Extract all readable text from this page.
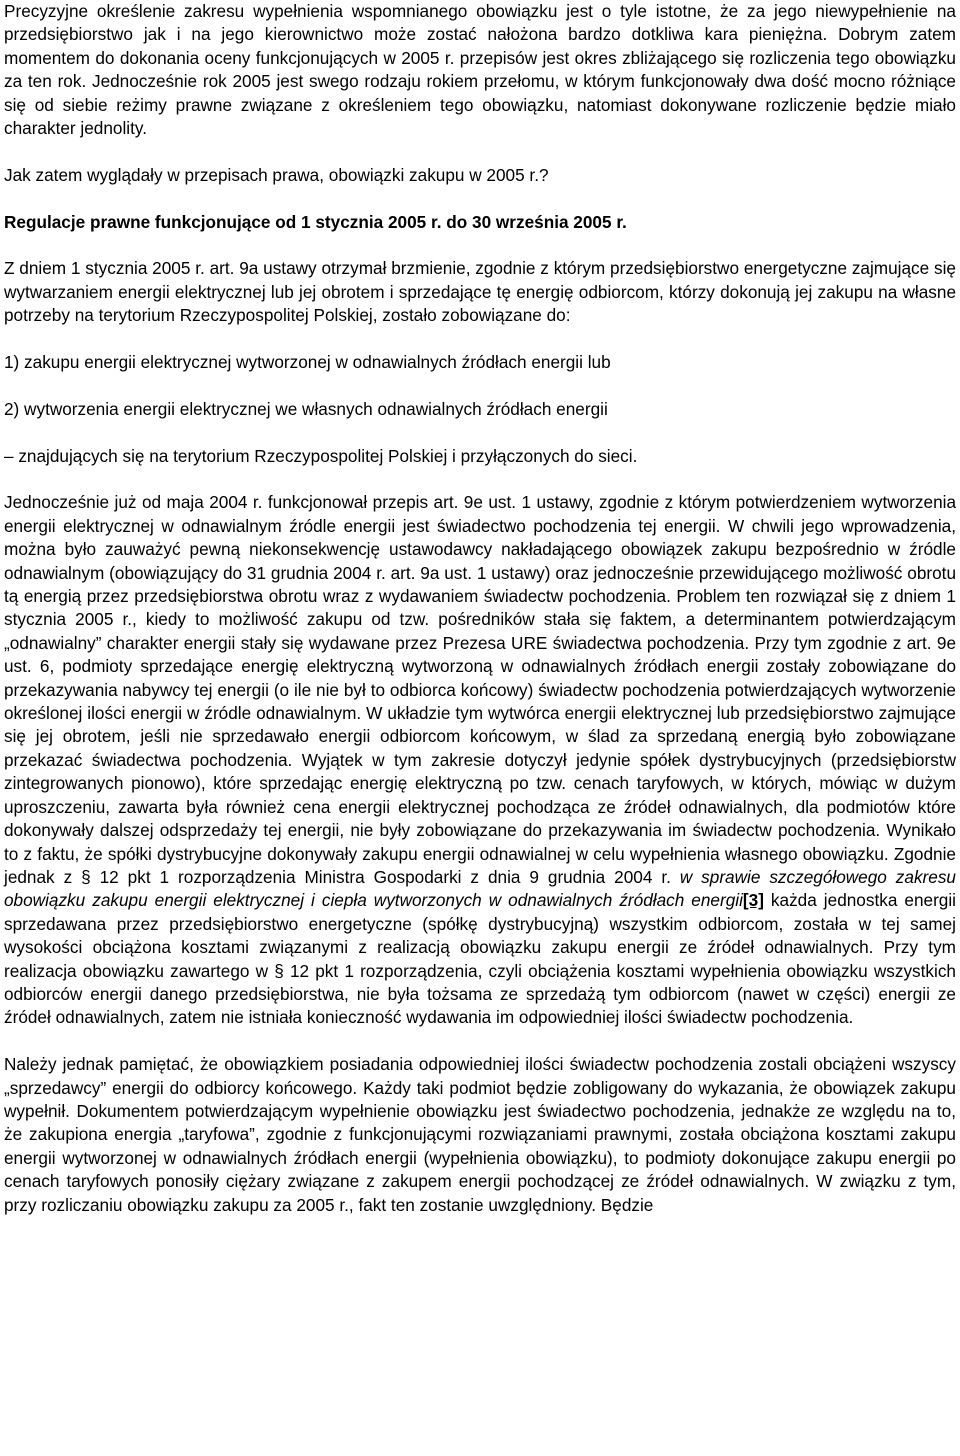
Precyzyjne określenie zakresu wypełnienia wspomnianego obowiązku jest o tyle istotne, że za jego niewypełnienie na przedsiębiorstwo jak i na jego kierownictwo może zostać nałożona bardzo dotkliwa kara pieniężna. Dobrym zatem momentem do dokonania oceny funkcjonujących w 2005 r. przepisów jest okres zbliżającego się rozliczenia tego obowiązku za ten rok. Jednocześnie rok 2005 jest swego rodzaju rokiem przełomu, w którym funkcjonowały dwa dość mocno różniące się od siebie reżimy prawne związane z określeniem tego obowiązku, natomiast dokonywane rozliczenie będzie miało charakter jednolity.

Jak zatem wyglądały w przepisach prawa, obowiązki zakupu w 2005 r.?

Regulacje prawne funkcjonujące od 1 stycznia 2005 r. do 30 września 2005 r.

Z dniem 1 stycznia 2005 r. art. 9a ustawy otrzymał brzmienie, zgodnie z którym przedsiębiorstwo energetyczne zajmujące się wytwarzaniem energii elektrycznej lub jej obrotem i sprzedające tę energię odbiorcom, którzy dokonują jej zakupu na własne potrzeby na terytorium Rzeczypospolitej Polskiej, zostało zobowiązane do:

1) zakupu energii elektrycznej wytworzonej w odnawialnych źródłach energii lub

2) wytworzenia energii elektrycznej we własnych odnawialnych źródłach energii

– znajdujących się na terytorium Rzeczypospolitej Polskiej i przyłączonych do sieci.

Jednocześnie już od maja 2004 r. funkcjonował przepis art. 9e ust. 1 ustawy, zgodnie z którym potwierdzeniem wytworzenia energii elektrycznej w odnawialnym źródle energii jest świadectwo pochodzenia tej energii. W chwili jego wprowadzenia, można było zauważyć pewną niekonsekwencję ustawodawcy nakładającego obowiązek zakupu bezpośrednio w źródle odnawialnym (obowiązujący do 31 grudnia 2004 r. art. 9a ust. 1 ustawy) oraz jednocześnie przewidującego możliwość obrotu tą energią przez przedsiębiorstwa obrotu wraz z wydawaniem świadectw pochodzenia. Problem ten rozwiązał się z dniem 1 stycznia 2005 r., kiedy to możliwość zakupu od tzw. pośredników stała się faktem, a determinantem potwierdzającym „odnawialny” charakter energii stały się wydawane przez Prezesa URE świadectwa pochodzenia. Przy tym zgodnie z art. 9e ust. 6, podmioty sprzedające energię elektryczną wytworzoną w odnawialnych źródłach energii zostały zobowiązane do przekazywania nabywcy tej energii (o ile nie był to odbiorca końcowy) świadectw pochodzenia potwierdzających wytworzenie określonej ilości energii w źródle odnawialnym. W układzie tym wytwórca energii elektrycznej lub przedsiębiorstwo zajmujące się jej obrotem, jeśli nie sprzedawało energii odbiorcom końcowym, w ślad za sprzedaną energią było zobowiązane przekazać świadectwa pochodzenia. Wyjątek w tym zakresie dotyczył jedynie spółek dystrybucyjnych (przedsiębiorstw zintegrowanych pionowo), które sprzedając energię elektryczną po tzw. cenach taryfowych, w których, mówiąc w dużym uproszczeniu, zawarta była również cena energii elektrycznej pochodząca ze źródeł odnawialnych, dla podmiotów które dokonywały dalszej odsprzedaży tej energii, nie były zobowiązane do przekazywania im świadectw pochodzenia. Wynikało to z faktu, że spółki dystrybucyjne dokonywały zakupu energii odnawialnej w celu wypełnienia własnego obowiązku. Zgodnie jednak z § 12 pkt 1 rozporządzenia Ministra Gospodarki z dnia 9 grudnia 2004 r. w sprawie szczegółowego zakresu obowiązku zakupu energii elektrycznej i ciepła wytworzonych w odnawialnych źródłach energii[3] każda jednostka energii sprzedawana przez przedsiębiorstwo energetyczne (spółkę dystrybucyjną) wszystkim odbiorcom, została w tej samej wysokości obciążona kosztami związanymi z realizacją obowiązku zakupu energii ze źródeł odnawialnych. Przy tym realizacja obowiązku zawartego w § 12 pkt 1 rozporządzenia, czyli obciążenia kosztami wypełnienia obowiązku wszystkich odbiorców energii danego przedsiębiorstwa, nie była tożsama ze sprzedażą tym odbiorcom (nawet w części) energii ze źródeł odnawialnych, zatem nie istniała konieczność wydawania im odpowiedniej ilości świadectw pochodzenia.

Należy jednak pamiętać, że obowiązkiem posiadania odpowiedniej ilości świadectw pochodzenia zostali obciążeni wszyscy „sprzedawcy” energii do odbiorcy końcowego. Każdy taki podmiot będzie zobligowany do wykazania, że obowiązek zakupu wypełnił. Dokumentem potwierdzającym wypełnienie obowiązku jest świadectwo pochodzenia, jednakże ze względu na to, że zakupiona energia „taryfowa”, zgodnie z funkcjonującymi rozwiązaniami prawnymi, została obciążona kosztami zakupu energii wytworzonej w odnawialnych źródłach energii (wypełnienia obowiązku), to podmioty dokonujące zakupu energii po cenach taryfowych ponosiły ciężary związane z zakupem energii pochodzącej ze źródeł odnawialnych. W związku z tym, przy rozliczaniu obowiązku zakupu za 2005 r., fakt ten zostanie uwzględniony. Będzie
